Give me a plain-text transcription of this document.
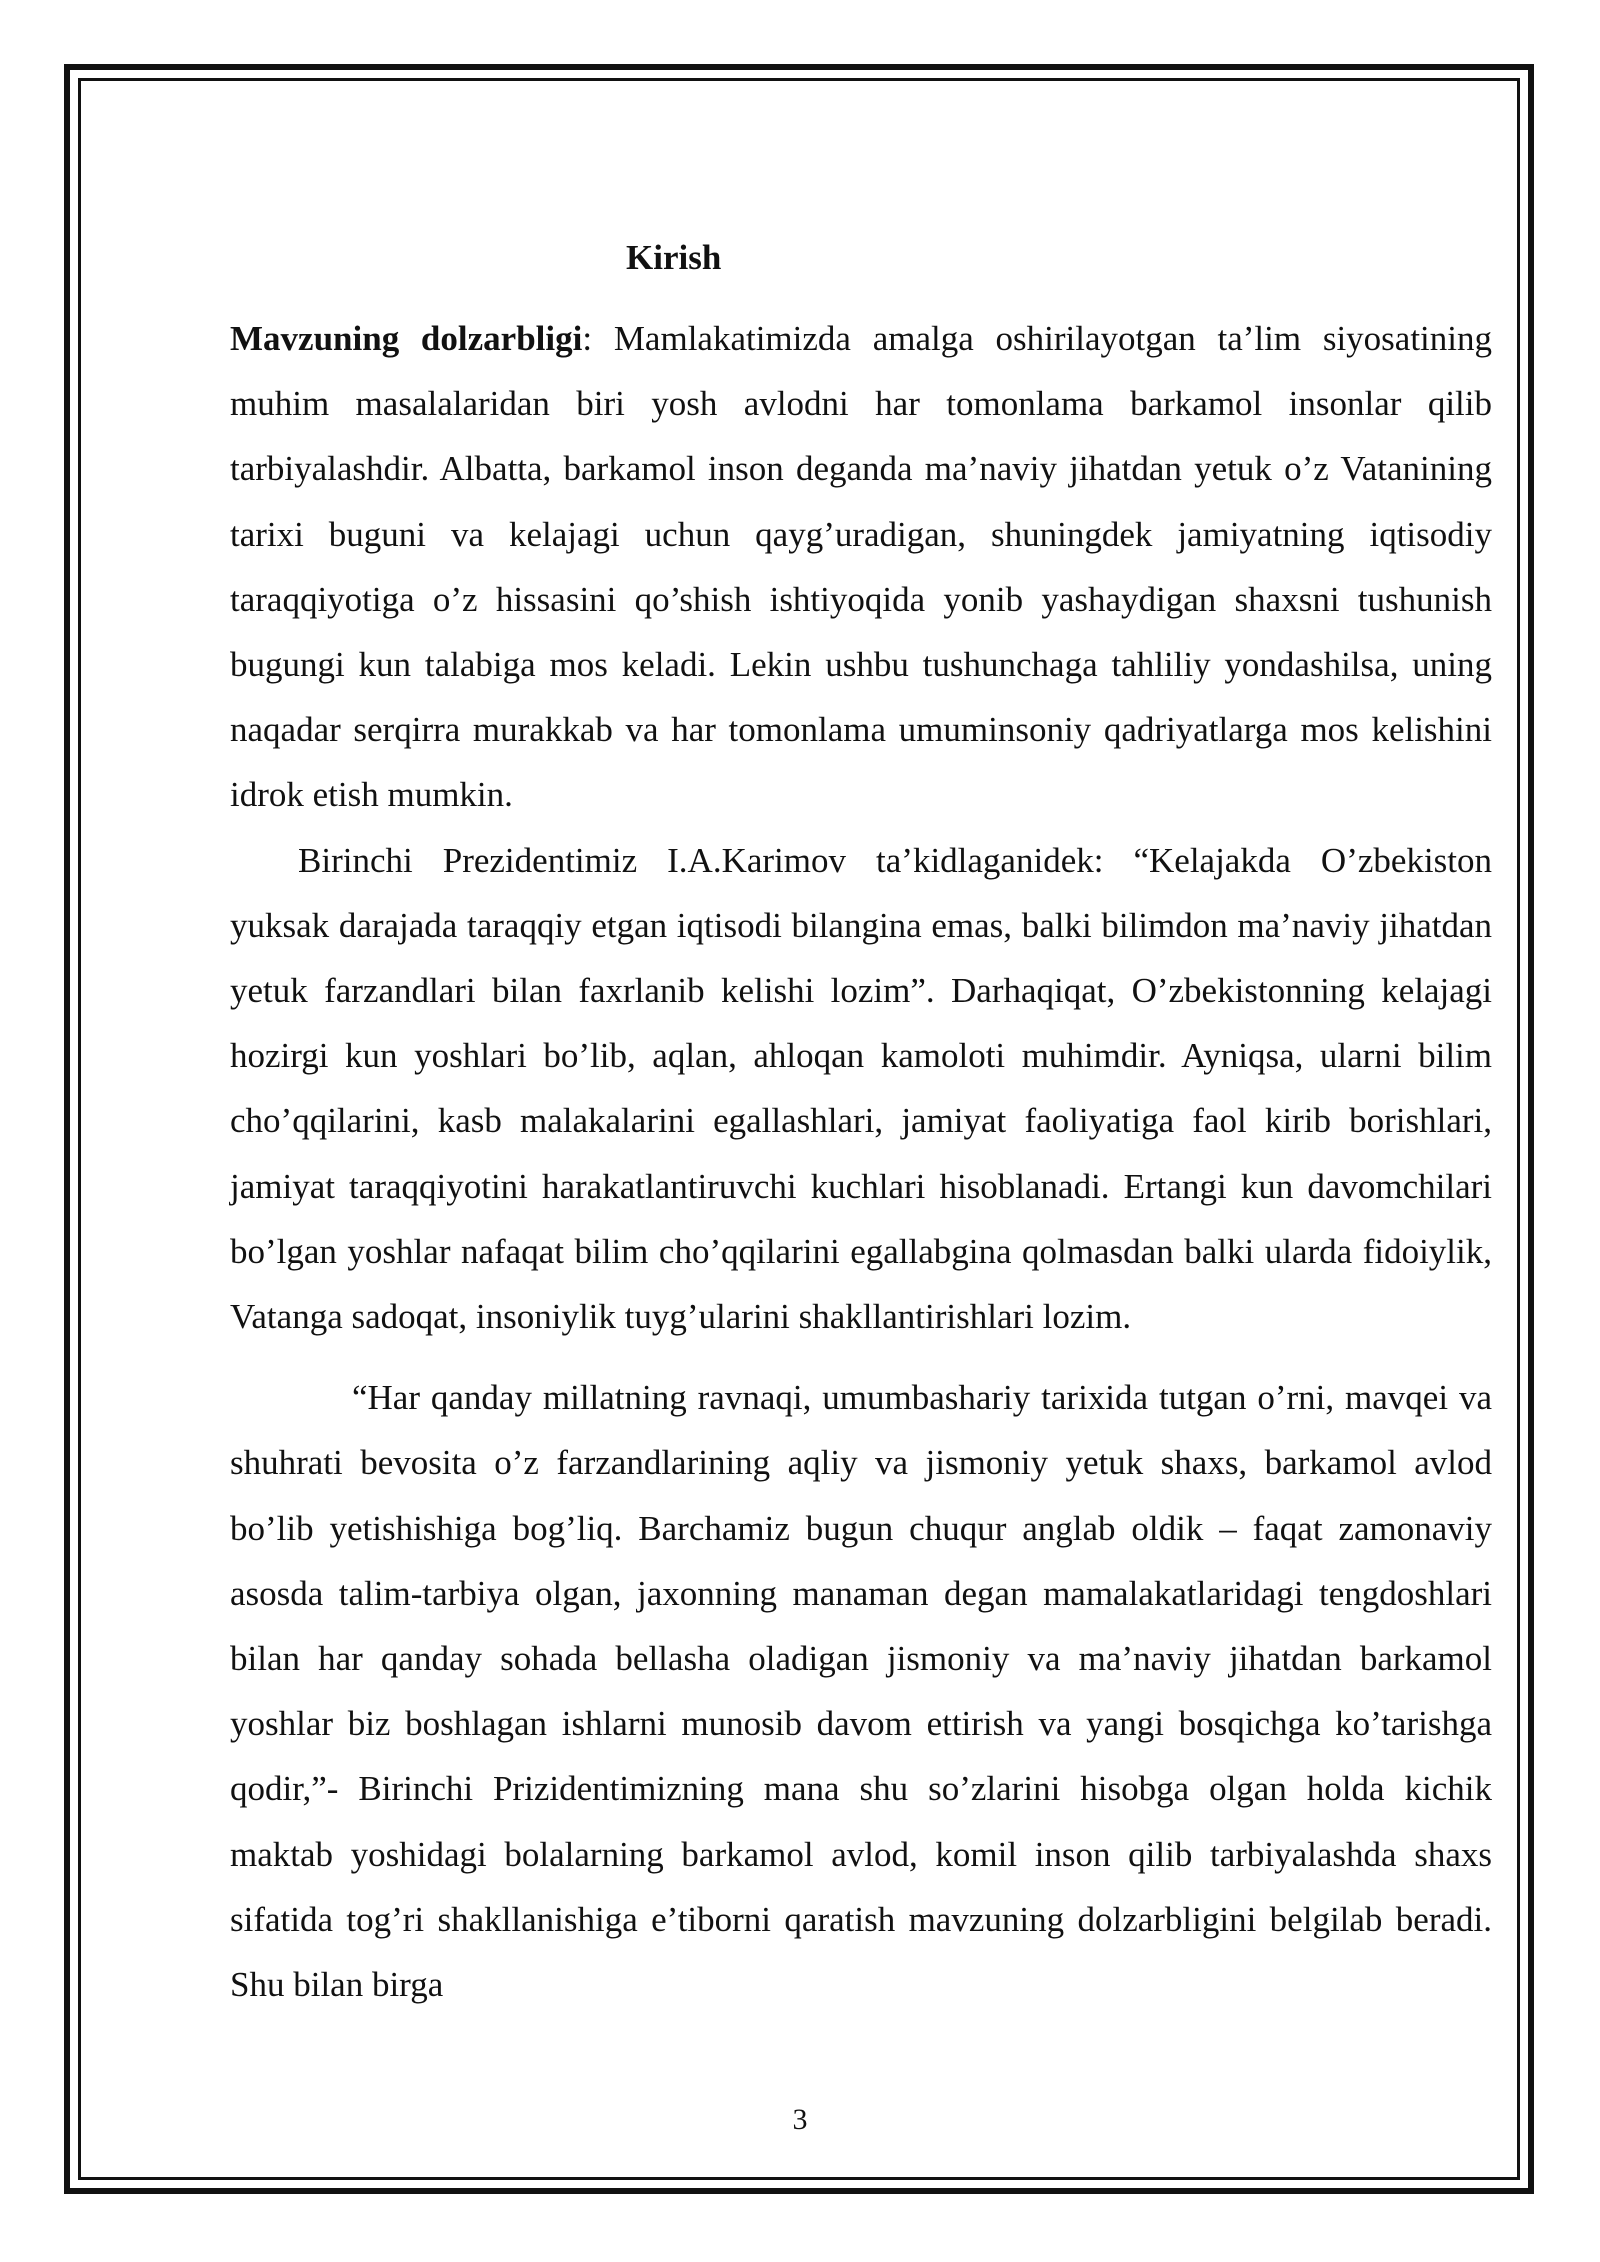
Kirish

Mavzuning dolzarbligi: Mamlakatimizda amalga oshirilayotgan ta’lim siyosatining muhim masalalaridan biri yosh avlodni har tomonlama barkamol insonlar qilib tarbiyalashdir. Albatta, barkamol inson deganda ma’naviy jihatdan yetuk o’z Vatanining tarixi buguni va kelajagi uchun qayg’uradigan, shuningdek jamiyatning iqtisodiy taraqqiyotiga o’z hissasini qo’shish ishtiyoqida yonib yashaydigan shaxsni tushunish bugungi kun talabiga mos keladi. Lekin ushbu tushunchaga tahliliy yondashilsa, uning naqadar serqirra murakkab va har tomonlama umuminsoniy qadriyatlarga mos kelishini idrok etish mumkin.

Birinchi Prezidentimiz I.A.Karimov ta’kidlaganidek: “Kelajakda O’zbekiston yuksak darajada taraqqiy etgan iqtisodi bilangina emas, balki bilimdon ma’naviy jihatdan yetuk farzandlari bilan faxrlanib kelishi lozim”. Darhaqiqat, O’zbekistonning kelajagi hozirgi kun yoshlari bo’lib, aqlan, ahloqan kamoloti muhimdir. Ayniqsa, ularni bilim cho’qqilarini, kasb malakalarini egallashlari, jamiyat faoliyatiga faol kirib borishlari, jamiyat taraqqiyotini harakatlantiruvchi kuchlari hisoblanadi. Ertangi kun davomchilari bo’lgan yoshlar nafaqat bilim cho’qqilarini egallabgina qolmasdan balki ularda fidoiylik, Vatanga sadoqat, insoniylik tuyg’ularini shakllantirishlari lozim.

“Har qanday millatning ravnaqi, umumbashariy tarixida tutgan o’rni, mavqei va shuhrati bevosita o’z farzandlarining aqliy va jismoniy yetuk shaxs, barkamol avlod bo’lib yetishishiga bog’liq. Barchamiz bugun chuqur anglab oldik – faqat zamonaviy asosda talim-tarbiya olgan, jaxonning manaman degan mamalakatlaridagi tengdoshlari bilan har qanday sohada bellasha oladigan jismoniy va ma’naviy jihatdan barkamol yoshlar biz boshlagan ishlarni munosib davom ettirish va yangi bosqichga ko’tarishga qodir,”- Birinchi Prizidentimizning mana shu so’zlarini hisobga olgan holda kichik maktab yoshidagi bolalarning barkamol avlod, komil inson qilib tarbiyalashda shaxs sifatida tog’ri shakllanishiga e’tiborni qaratish mavzuning dolzarbligini belgilab beradi. Shu bilan birga

3
